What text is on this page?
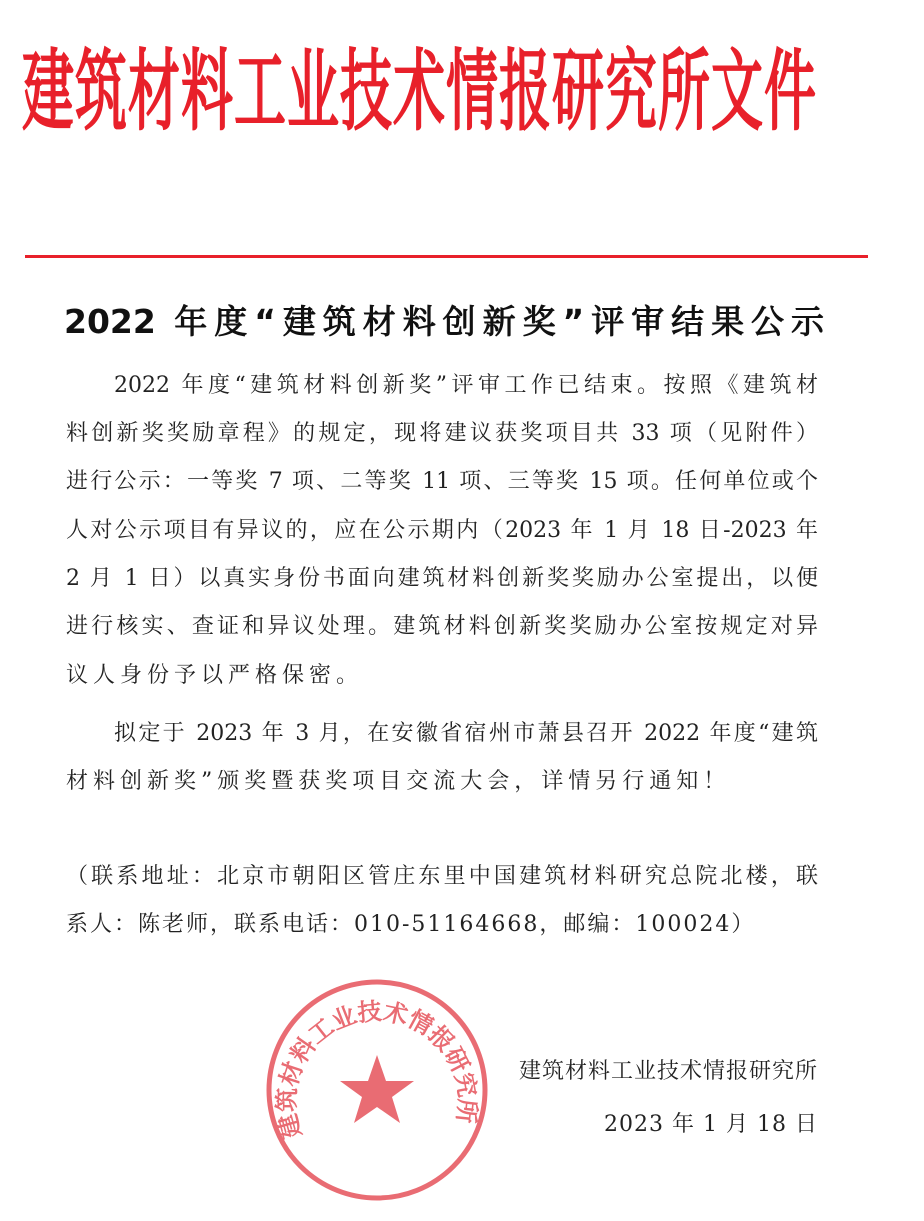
建筑材料工业技术情报研究所文件
2022 年度“建筑材料创新奖”评审结果公示
2022 年度“建筑材料创新奖”评审工作已结束。按照《建筑材
料创新奖奖励章程》的规定，现将建议获奖项目共 33 项（见附件）
进行公示：一等奖 7 项、二等奖 11 项、三等奖 15 项。任何单位或个
人对公示项目有异议的，应在公示期内（2023 年 1 月 18 日-2023 年
2 月 1 日）以真实身份书面向建筑材料创新奖奖励办公室提出，以便
进行核实、查证和异议处理。建筑材料创新奖奖励办公室按规定对异
议人身份予以严格保密。
拟定于 2023 年 3 月，在安徽省宿州市萧县召开 2022 年度“建筑
材料创新奖”颁奖暨获奖项目交流大会，详情另行通知！
（联系地址：北京市朝阳区管庄东里中国建筑材料研究总院北楼，联
系人：陈老师，联系电话：010-51164668，邮编：100024）
建筑材料工业技术情报研究所
建筑材料工业技术情报研究所
2023 年 1 月 18 日
